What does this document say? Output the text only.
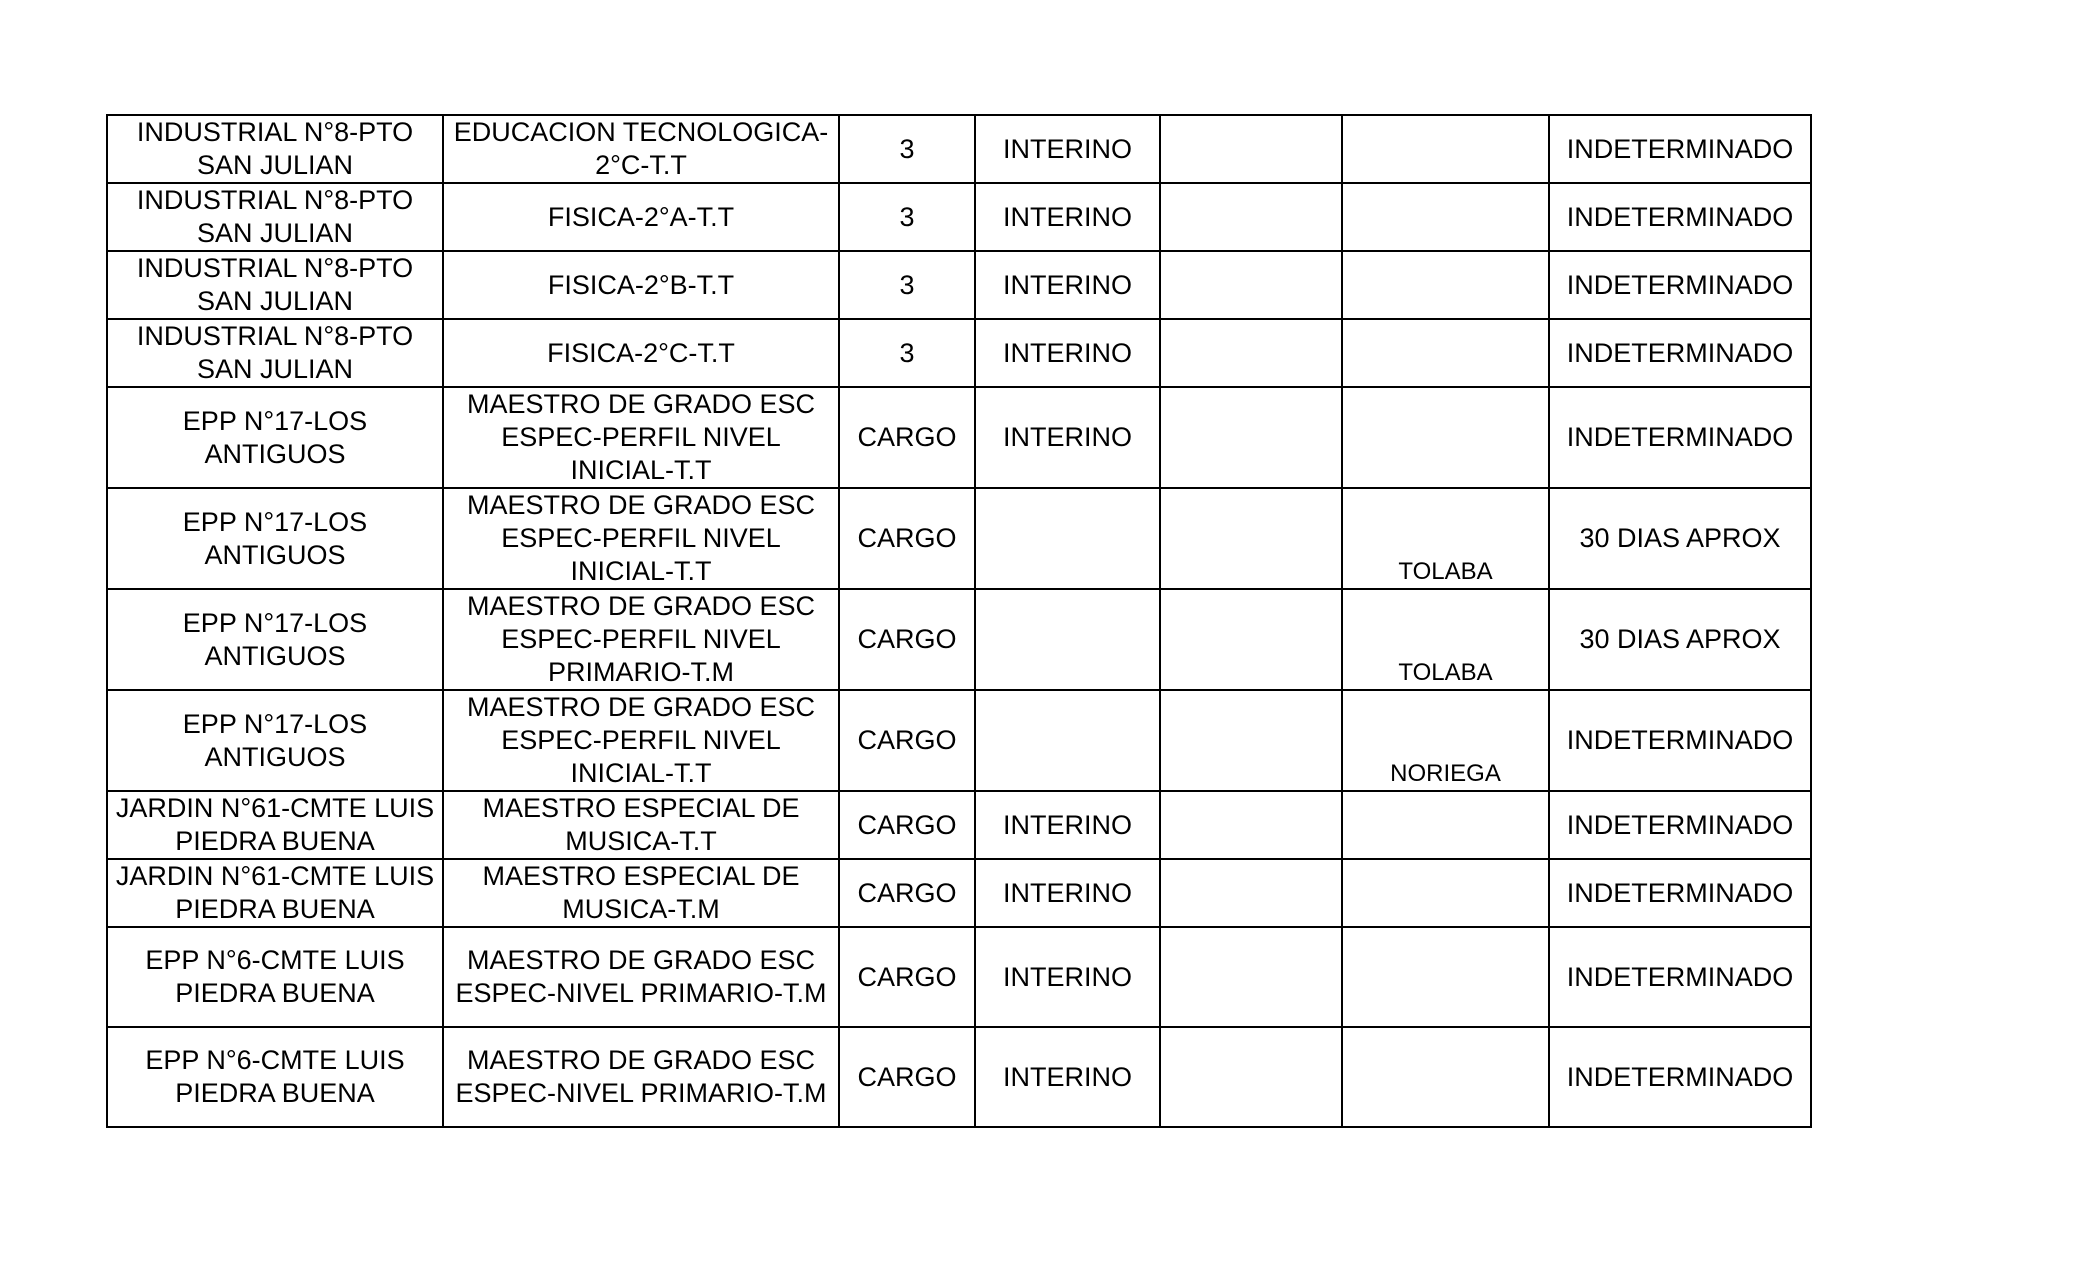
INDUSTRIAL N°8-PTO SAN JULIAN	EDUCACION TECNOLOGICA-2°C-T.T	3	INTERINO			INDETERMINADO

INDUSTRIAL N°8-PTO SAN JULIAN	FISICA-2°A-T.T	3	INTERINO			INDETERMINADO

INDUSTRIAL N°8-PTO SAN JULIAN	FISICA-2°B-T.T	3	INTERINO			INDETERMINADO

INDUSTRIAL N°8-PTO SAN JULIAN	FISICA-2°C-T.T	3	INTERINO			INDETERMINADO

EPP N°17-LOS ANTIGUOS	MAESTRO DE GRADO ESC ESPEC-PERFIL NIVEL INICIAL-T.T	CARGO	INTERINO			INDETERMINADO

EPP N°17-LOS ANTIGUOS	MAESTRO DE GRADO ESC ESPEC-PERFIL NIVEL INICIAL-T.T	CARGO			TOLABA	30 DIAS APROX

EPP N°17-LOS ANTIGUOS	MAESTRO DE GRADO ESC ESPEC-PERFIL NIVEL PRIMARIO-T.M	CARGO			TOLABA	30 DIAS APROX

EPP N°17-LOS ANTIGUOS	MAESTRO DE GRADO ESC ESPEC-PERFIL NIVEL INICIAL-T.T	CARGO			NORIEGA	INDETERMINADO

JARDIN N°61-CMTE LUIS PIEDRA BUENA	MAESTRO ESPECIAL DE MUSICA-T.T	CARGO	INTERINO			INDETERMINADO

JARDIN N°61-CMTE LUIS PIEDRA BUENA	MAESTRO ESPECIAL DE MUSICA-T.M	CARGO	INTERINO			INDETERMINADO

EPP N°6-CMTE LUIS PIEDRA BUENA	MAESTRO DE GRADO ESC ESPEC-NIVEL PRIMARIO-T.M	CARGO	INTERINO			INDETERMINADO

EPP N°6-CMTE LUIS PIEDRA BUENA	MAESTRO DE GRADO ESC ESPEC-NIVEL PRIMARIO-T.M	CARGO	INTERINO			INDETERMINADO
